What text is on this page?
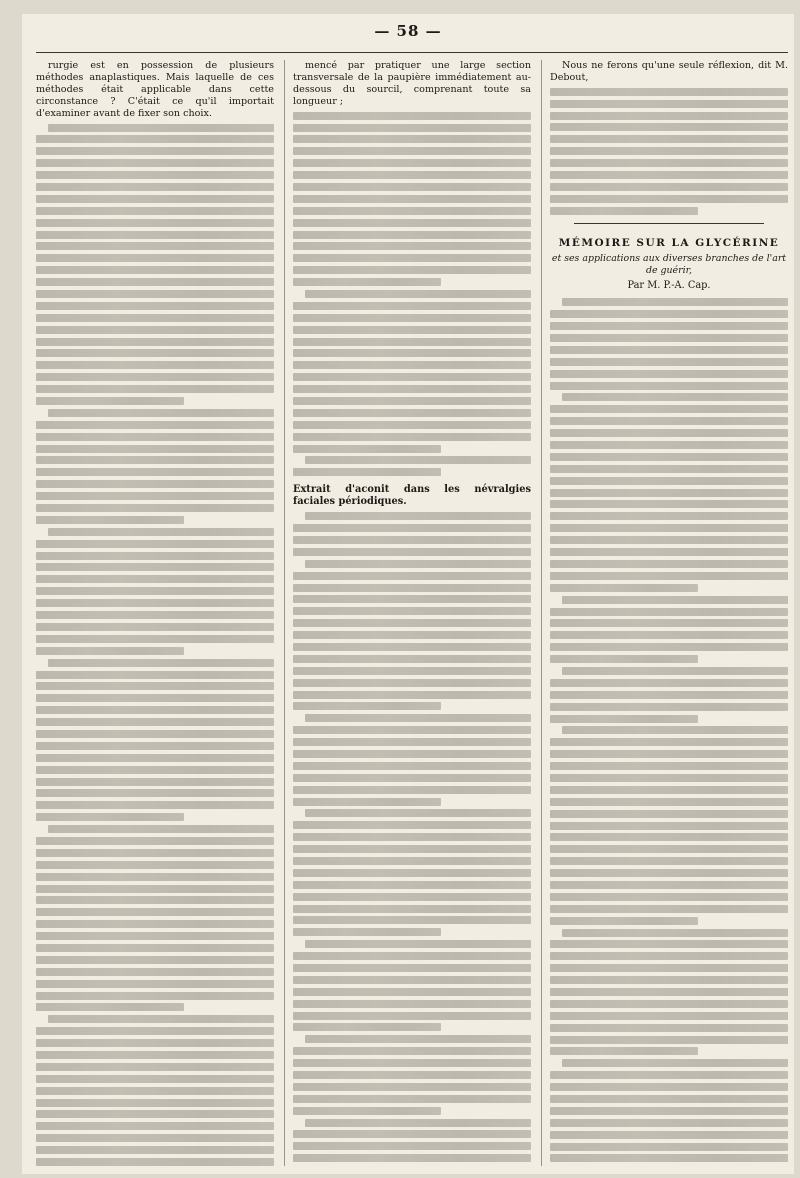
— 58 —

rurgie est en possession de plusieurs méthodes anaplastiques. Mais laquelle de ces méthodes était applicable dans cette circonstance ? C'était ce qu'il importait d'examiner avant de fixer son choix.

mencé par pratiquer une large section transversale de la paupière immédiatement au-dessous du sourcil, comprenant toute sa longueur ;

Extrait d'aconit dans les névralgies faciales périodiques.

Nous ne ferons qu'une seule réflexion, dit M. Debout,

MÉMOIRE SUR LA GLYCÉRINE
et ses applications aux diverses branches de l'art de guérir,
Par M. P.-A. Cap.
